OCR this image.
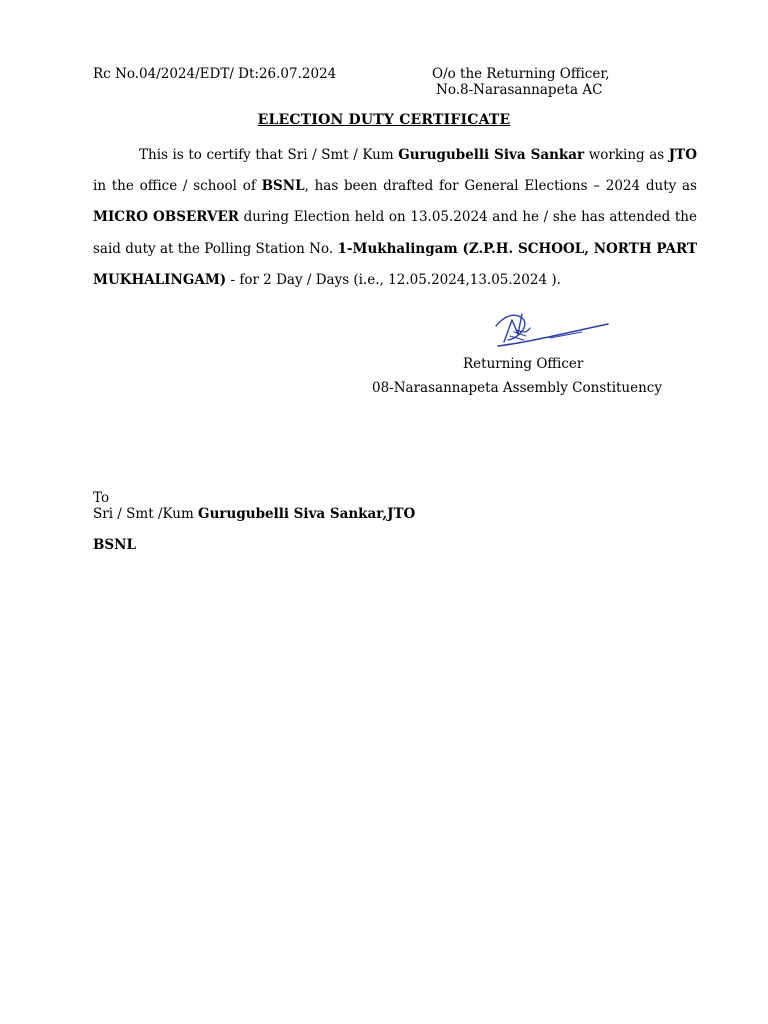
Rc No.04/2024/EDT/ Dt:26.07.2024	O/o the Returning Officer,
No.8-Narasannapeta AC
ELECTION DUTY CERTIFICATE

This is to certify that Sri / Smt / Kum Gurugubelli Siva Sankar working as JTO in the office / school of BSNL, has been drafted for General Elections – 2024 duty as MICRO OBSERVER during Election held on 13.05.2024 and he / she has attended the said duty at the Polling Station No. 1-Mukhalingam (Z.P.H. SCHOOL, NORTH PART MUKHALINGAM) - for 2 Day / Days (i.e., 12.05.2024,13.05.2024 ).

Returning Officer
08-Narasannapeta Assembly Constituency
To
Sri / Smt /Kum Gurugubelli Siva Sankar,JTO
BSNL
